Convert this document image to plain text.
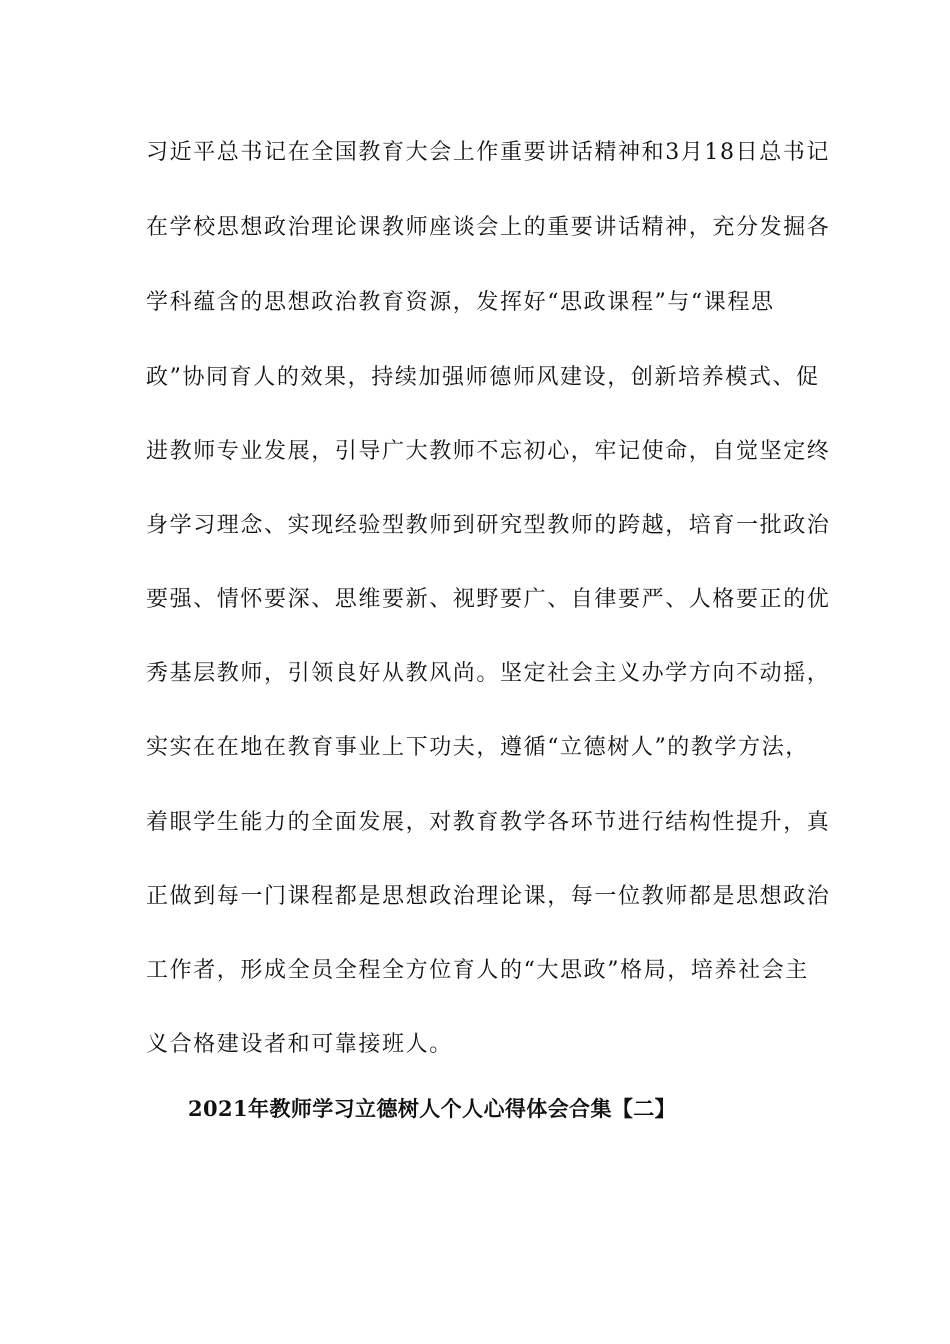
习近平总书记在全国教育大会上作重要讲话精神和3月18日总书记
在学校思想政治理论课教师座谈会上的重要讲话精神，充分发掘各
学科蕴含的思想政治教育资源，发挥好“思政课程”与“课程思
政”协同育人的效果，持续加强师德师风建设，创新培养模式、促
进教师专业发展，引导广大教师不忘初心，牢记使命，自觉坚定终
身学习理念、实现经验型教师到研究型教师的跨越，培育一批政治
要强、情怀要深、思维要新、视野要广、自律要严、人格要正的优
秀基层教师，引领良好从教风尚。坚定社会主义办学方向不动摇，
实实在在地在教育事业上下功夫，遵循“立德树人”的教学方法，
着眼学生能力的全面发展，对教育教学各环节进行结构性提升，真
正做到每一门课程都是思想政治理论课，每一位教师都是思想政治
工作者，形成全员全程全方位育人的“大思政”格局，培养社会主
义合格建设者和可靠接班人。
2021年教师学习立德树人个人心得体会合集【二】
